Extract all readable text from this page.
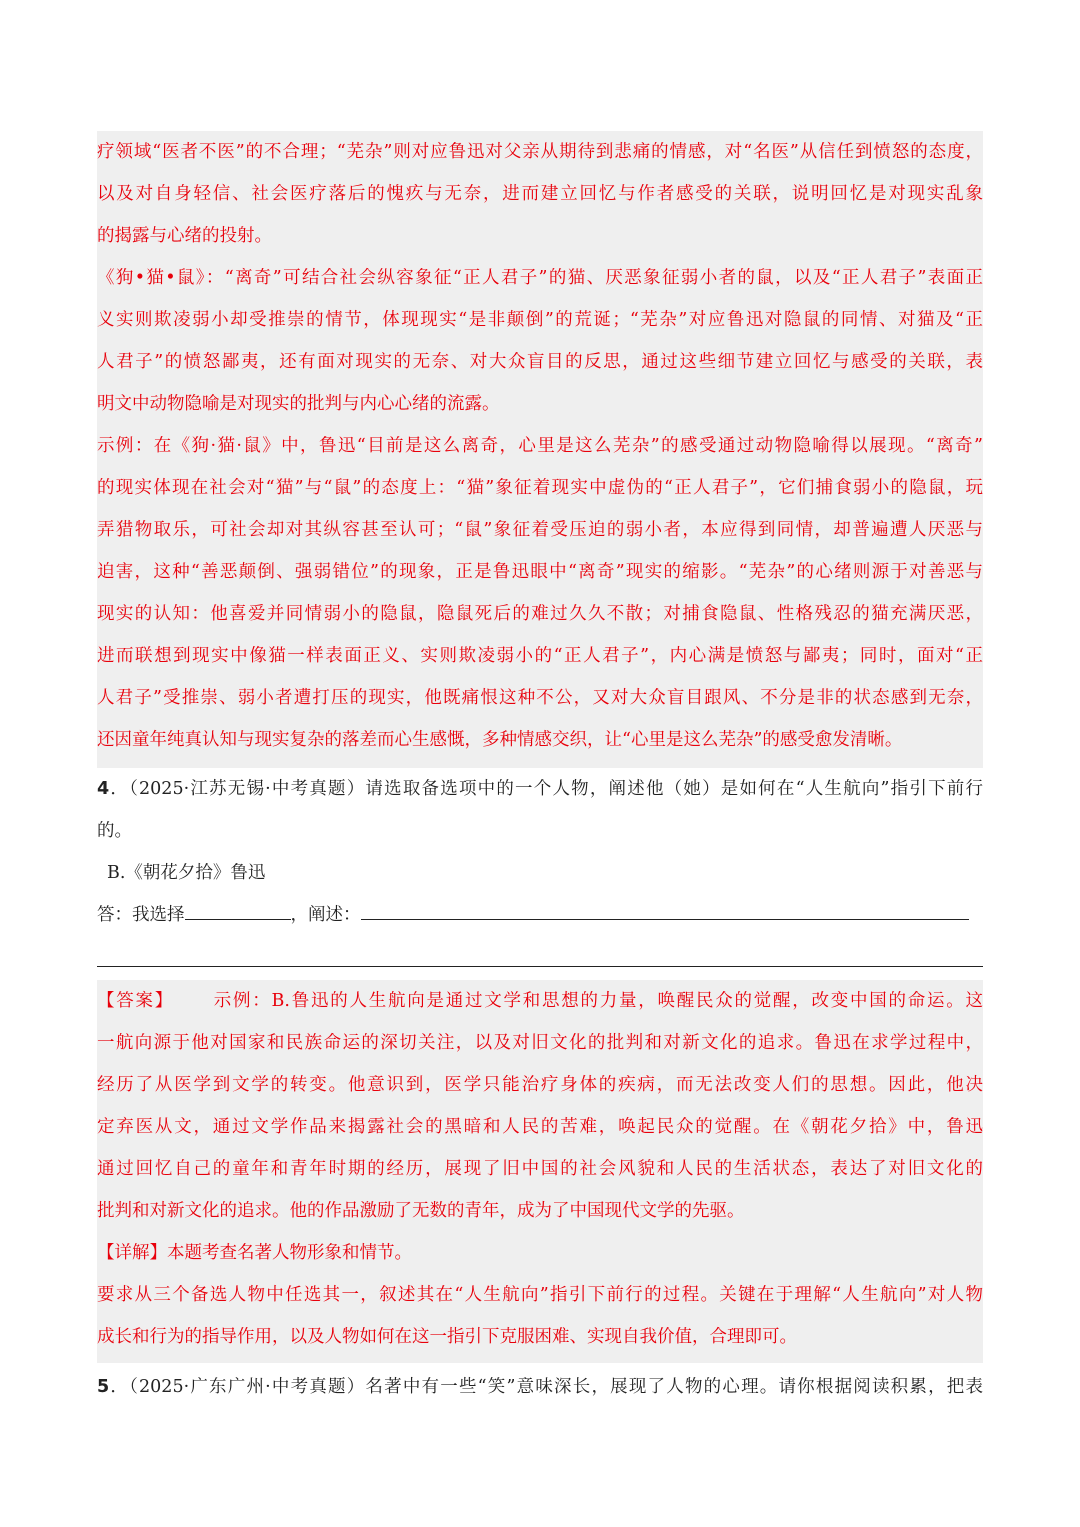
疗领域“医者不医”的不合理；“芜杂”则对应鲁迅对父亲从期待到悲痛的情感，对“名医”从信任到愤怒的态度，
以及对自身轻信、社会医疗落后的愧疚与无奈，进而建立回忆与作者感受的关联，说明回忆是对现实乱象
的揭露与心绪的投射。
《狗•猫•鼠》：“离奇”可结合社会纵容象征“正人君子”的猫、厌恶象征弱小者的鼠，以及“正人君子”表面正
义实则欺凌弱小却受推崇的情节，体现现实“是非颠倒”的荒诞；“芜杂”对应鲁迅对隐鼠的同情、对猫及“正
人君子”的愤怒鄙夷，还有面对现实的无奈、对大众盲目的反思，通过这些细节建立回忆与感受的关联，表
明文中动物隐喻是对现实的批判与内心心绪的流露。
示例：在《狗·猫·鼠》中，鲁迅“目前是这么离奇，心里是这么芜杂”的感受通过动物隐喻得以展现。“离奇”
的现实体现在社会对“猫”与“鼠”的态度上：“猫”象征着现实中虚伪的“正人君子”，它们捕食弱小的隐鼠，玩
弄猎物取乐，可社会却对其纵容甚至认可；“鼠”象征着受压迫的弱小者，本应得到同情，却普遍遭人厌恶与
迫害，这种“善恶颠倒、强弱错位”的现象，正是鲁迅眼中“离奇”现实的缩影。“芜杂”的心绪则源于对善恶与
现实的认知：他喜爱并同情弱小的隐鼠，隐鼠死后的难过久久不散；对捕食隐鼠、性格残忍的猫充满厌恶，
进而联想到现实中像猫一样表面正义、实则欺凌弱小的“正人君子”，内心满是愤怒与鄙夷；同时，面对“正
人君子”受推崇、弱小者遭打压的现实，他既痛恨这种不公，又对大众盲目跟风、不分是非的状态感到无奈，
还因童年纯真认知与现实复杂的落差而心生感慨，多种情感交织，让“心里是这么芜杂”的感受愈发清晰。
4．（2025·江苏无锡·中考真题）请选取备选项中的一个人物，阐述他（她）是如何在“人生航向”指引下前行
的。
B.《朝花夕拾》鲁迅
答：我选择	，阐述：
【答案】 示例：B.鲁迅的人生航向是通过文学和思想的力量，唤醒民众的觉醒，改变中国的命运。这
一航向源于他对国家和民族命运的深切关注，以及对旧文化的批判和对新文化的追求。鲁迅在求学过程中，
经历了从医学到文学的转变。他意识到，医学只能治疗身体的疾病，而无法改变人们的思想。因此，他决
定弃医从文，通过文学作品来揭露社会的黑暗和人民的苦难，唤起民众的觉醒。在《朝花夕拾》中，鲁迅
通过回忆自己的童年和青年时期的经历，展现了旧中国的社会风貌和人民的生活状态，表达了对旧文化的
批判和对新文化的追求。他的作品激励了无数的青年，成为了中国现代文学的先驱。
【详解】本题考查名著人物形象和情节。
要求从三个备选人物中任选其一，叙述其在“人生航向”指引下前行的过程。关键在于理解“人生航向”对人物
成长和行为的指导作用，以及人物如何在这一指引下克服困难、实现自我价值，合理即可。
5．（2025·广东广州·中考真题）名著中有一些“笑”意味深长，展现了人物的心理。请你根据阅读积累，把表
